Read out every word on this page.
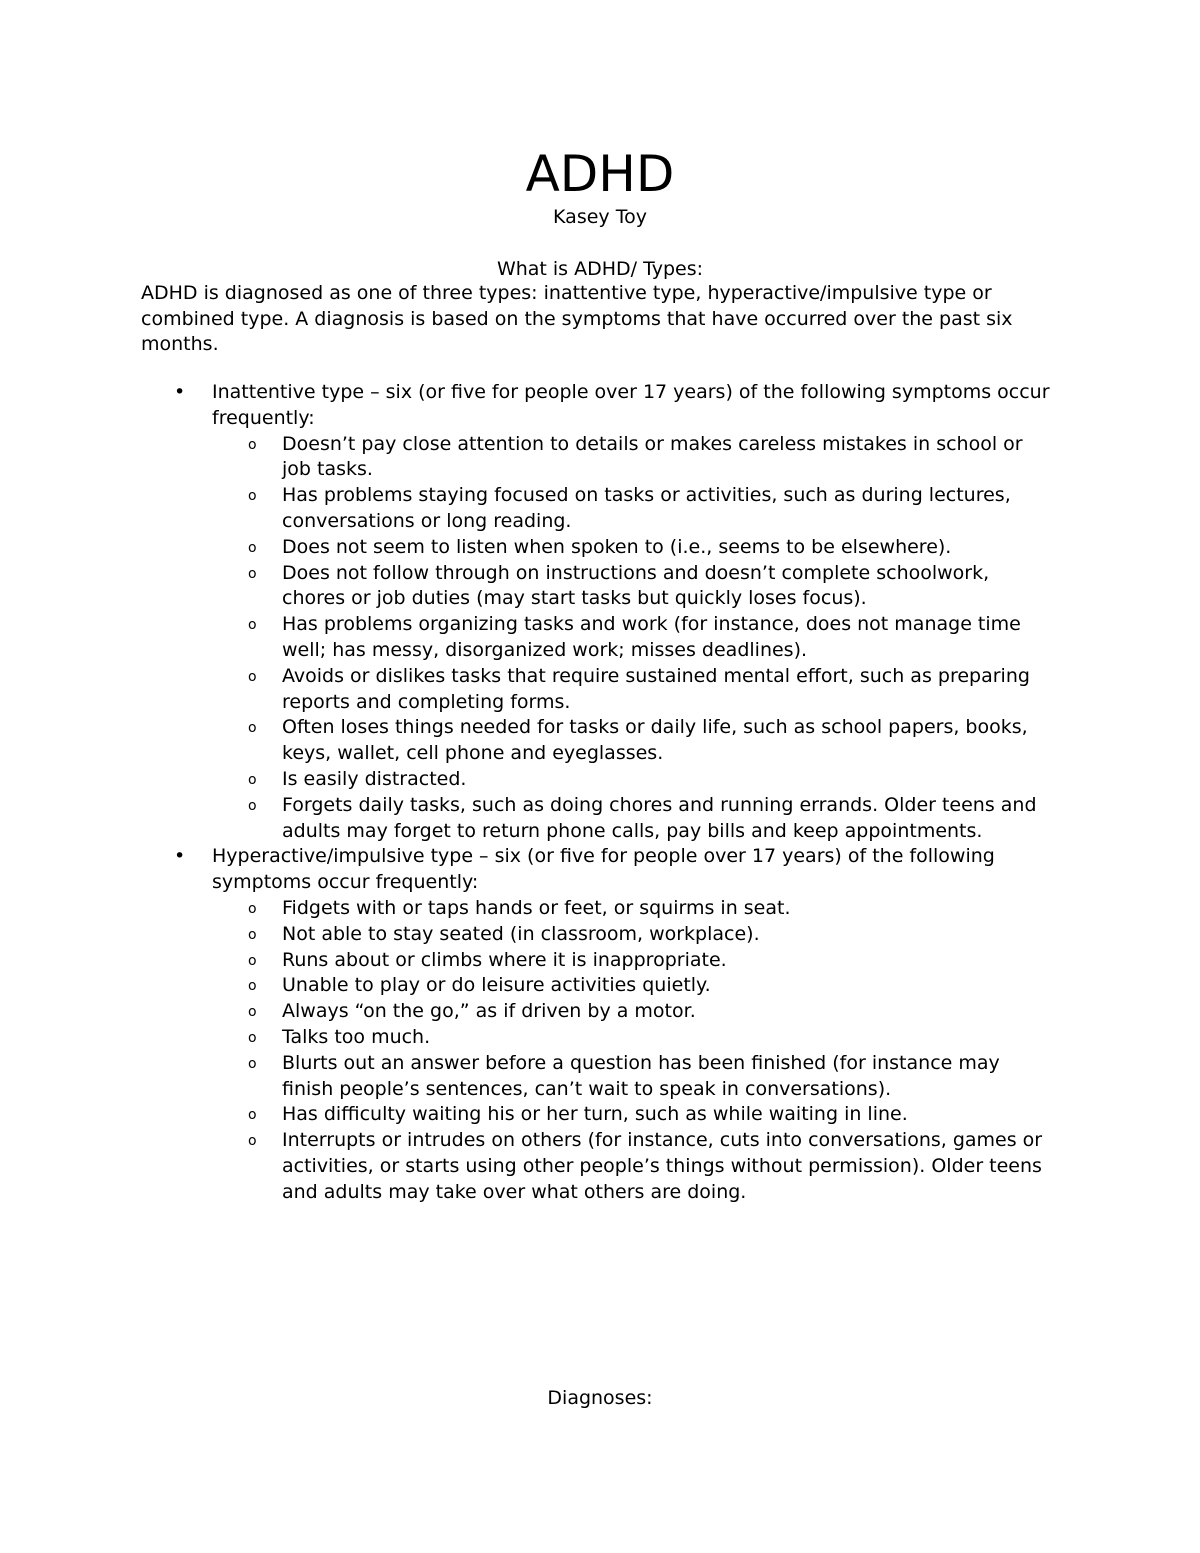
ADHD
Kasey Toy
What is ADHD/ Types:
ADHD is diagnosed as one of three types: inattentive type, hyperactive/impulsive type or combined type. A diagnosis is based on the symptoms that have occurred over the past six months.
• Inattentive type – six (or five for people over 17 years) of the following symptoms occur frequently:
o Doesn’t pay close attention to details or makes careless mistakes in school or job tasks.
o Has problems staying focused on tasks or activities, such as during lectures, conversations or long reading.
o Does not seem to listen when spoken to (i.e., seems to be elsewhere).
o Does not follow through on instructions and doesn’t complete schoolwork, chores or job duties (may start tasks but quickly loses focus).
o Has problems organizing tasks and work (for instance, does not manage time well; has messy, disorganized work; misses deadlines).
o Avoids or dislikes tasks that require sustained mental effort, such as preparing reports and completing forms.
o Often loses things needed for tasks or daily life, such as school papers, books, keys, wallet, cell phone and eyeglasses.
o Is easily distracted.
o Forgets daily tasks, such as doing chores and running errands. Older teens and adults may forget to return phone calls, pay bills and keep appointments.
• Hyperactive/impulsive type – six (or five for people over 17 years) of the following symptoms occur frequently:
o Fidgets with or taps hands or feet, or squirms in seat.
o Not able to stay seated (in classroom, workplace).
o Runs about or climbs where it is inappropriate.
o Unable to play or do leisure activities quietly.
o Always “on the go,” as if driven by a motor.
o Talks too much.
o Blurts out an answer before a question has been finished (for instance may finish people’s sentences, can’t wait to speak in conversations).
o Has difficulty waiting his or her turn, such as while waiting in line.
o Interrupts or intrudes on others (for instance, cuts into conversations, games or activities, or starts using other people’s things without permission). Older teens and adults may take over what others are doing.
Diagnoses:
